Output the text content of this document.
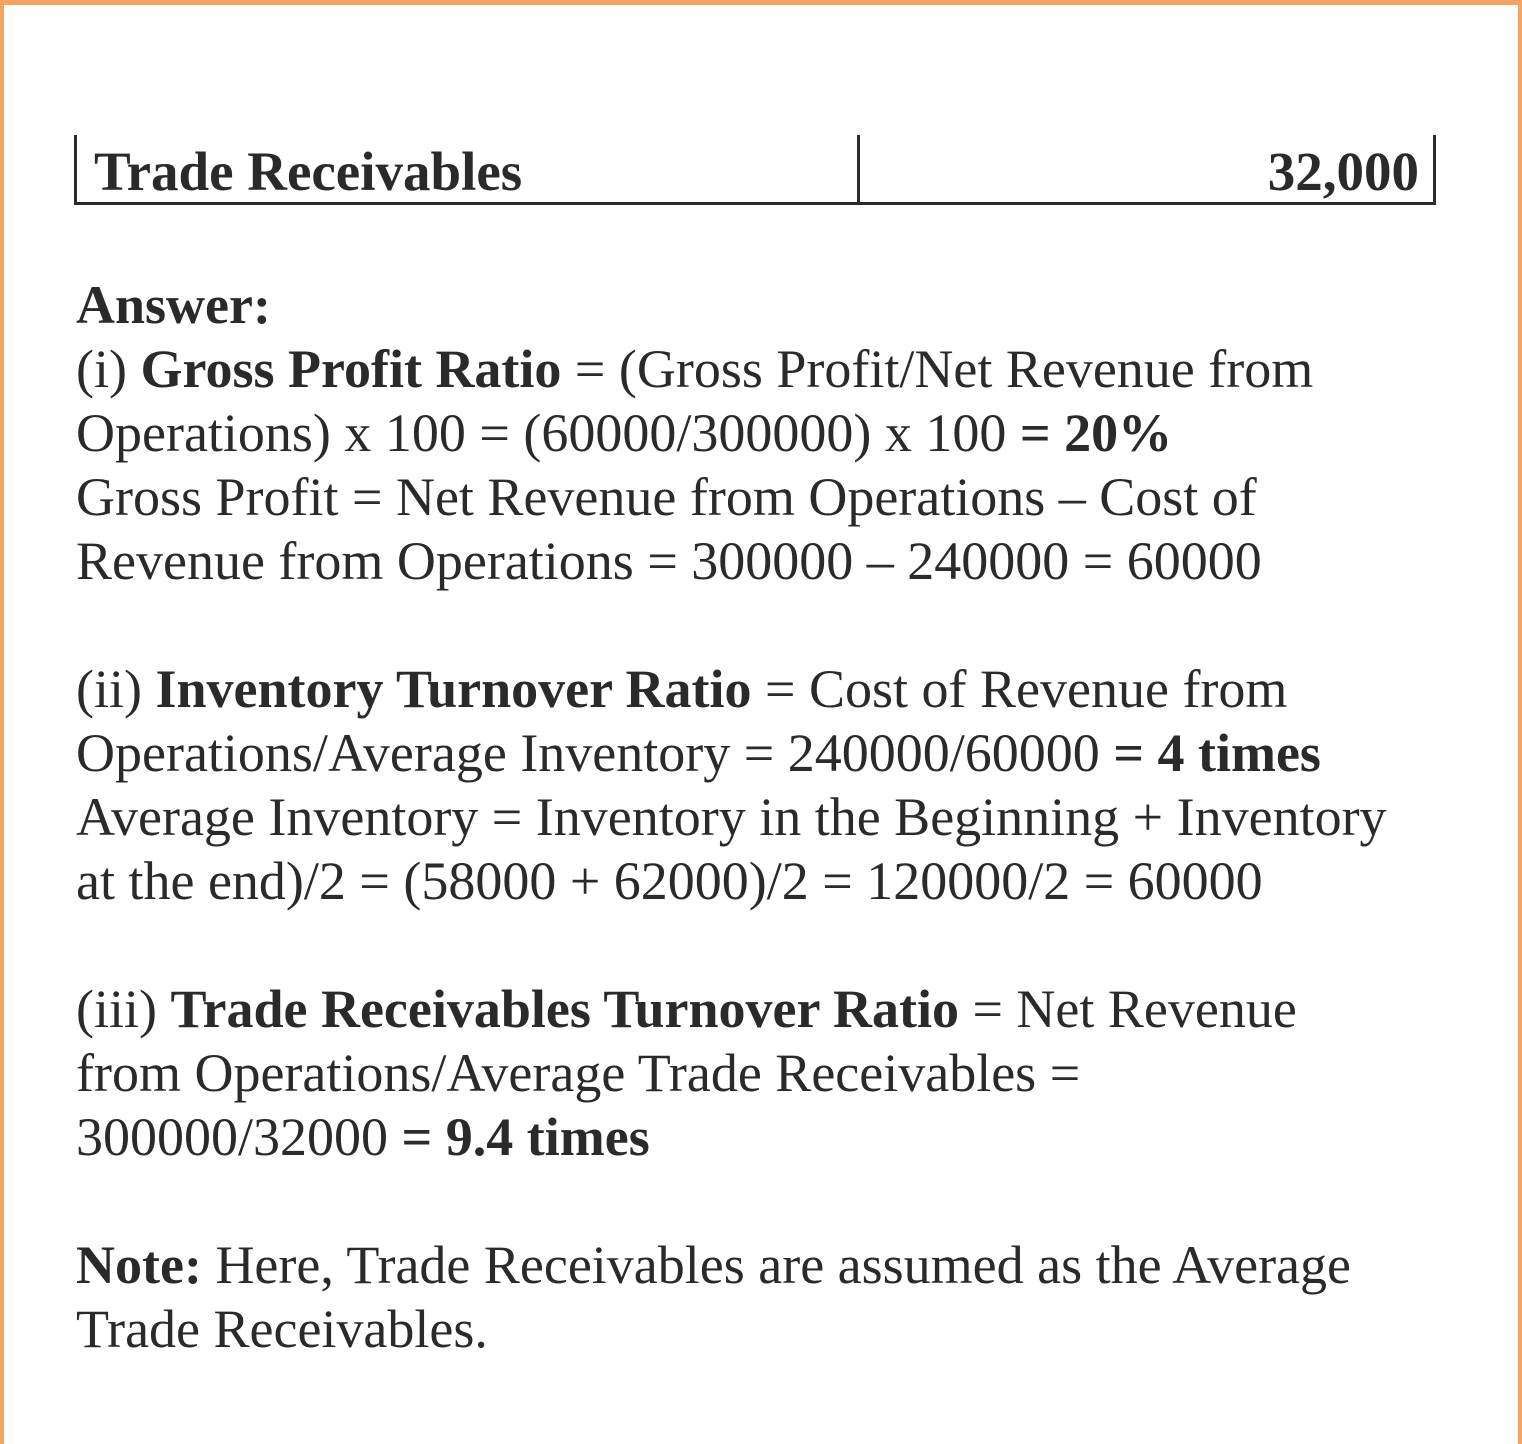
Trade Receivables	32,000
Answer:
(i) Gross Profit Ratio = (Gross Profit/Net Revenue from
Operations) x 100 = (60000/300000) x 100 = 20%
Gross Profit = Net Revenue from Operations – Cost of
Revenue from Operations = 300000 – 240000 = 60000
(ii) Inventory Turnover Ratio = Cost of Revenue from
Operations/Average Inventory = 240000/60000 = 4 times
Average Inventory = Inventory in the Beginning + Inventory
at the end)/2 = (58000 + 62000)/2 = 120000/2 = 60000
(iii) Trade Receivables Turnover Ratio = Net Revenue
from Operations/Average Trade Receivables =
300000/32000 = 9.4 times
Note: Here, Trade Receivables are assumed as the Average
Trade Receivables.
